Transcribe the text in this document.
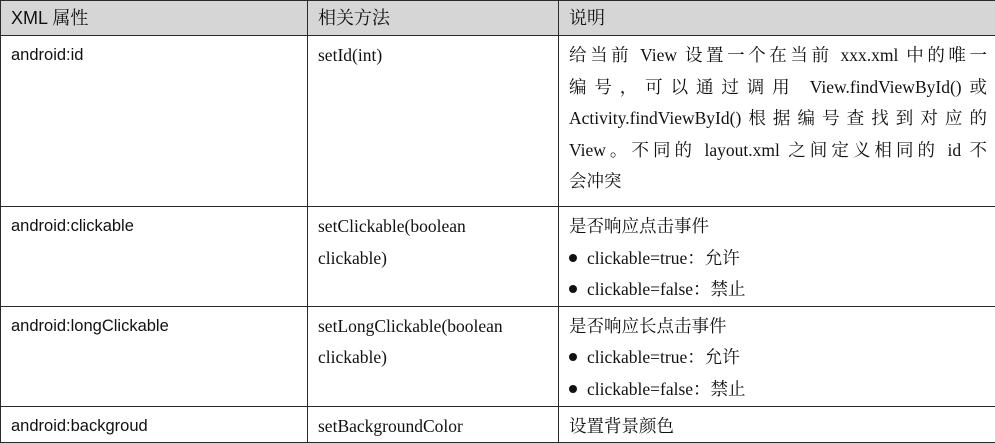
XML 属性	相关方法	说明
android:id	setId(int)	给当前 View 设置一个在当前 xxx.xml 中的唯一
编号，可以通过调用 View.findViewById()或
Activity.findViewById()根据编号查找到对应的
View。不同的 layout.xml 之间定义相同的 id 不
会冲突

android:clickable	setClickable(boolean
clickable)	是否响应点击事件
clickable=true：允许
clickable=false：禁止

android:longClickable	setLongClickable(boolean
clickable)	是否响应长点击事件
clickable=true：允许
clickable=false：禁止

android:backgroud	setBackgroundColor	设置背景颜色
